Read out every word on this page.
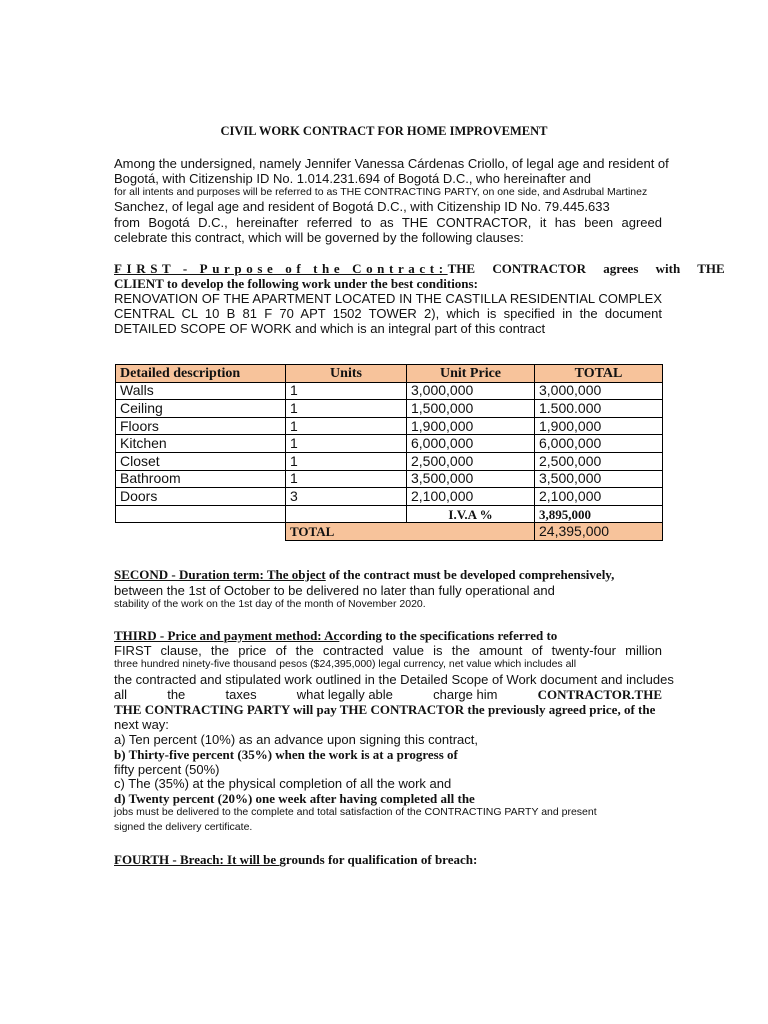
CIVIL WORK CONTRACT FOR HOME IMPROVEMENT
Among the undersigned, namely Jennifer Vanessa Cárdenas Criollo, of legal age and resident of
Bogotá, with Citizenship ID No. 1.014.231.694 of Bogotá D.C., who hereinafter and
for all intents and purposes will be referred to as THE CONTRACTING PARTY, on one side, and Asdrubal Martinez
Sanchez, of legal age and resident of Bogotá D.C., with Citizenship ID No. 79.445.633
from Bogotá D.C., hereinafter referred to as THE CONTRACTOR, it has been agreed
celebrate this contract, which will be governed by the following clauses:
FIRST - Purpose of the Contract: THE CONTRACTOR agrees with THE
CLIENT to develop the following work under the best conditions:
RENOVATION OF THE APARTMENT LOCATED IN THE CASTILLA RESIDENTIAL COMPLEX
CENTRAL CL 10 B 81 F 70 APT 1502 TOWER 2), which is specified in the document
DETAILED SCOPE OF WORK and which is an integral part of this contract
Detailed description	Units	Unit Price	TOTAL
Walls	1	3,000,000	3,000,000
Ceiling	1	1,500,000	1.500.000
Floors	1	1,900,000	1,900,000
Kitchen	1	6,000,000	6,000,000
Closet	1	2,500,000	2,500,000
Bathroom	1	3,500,000	3,500,000
Doors	3	2,100,000	2,100,000
		I.V.A %	3,895,000
	TOTAL		24,395,000
SECOND - Duration term: The object of the contract must be developed comprehensively,
between the 1st of October to be delivered no later than fully operational and
stability of the work on the 1st day of the month of November 2020.
THIRD - Price and payment method: According to the specifications referred to
FIRST clause, the price of the contracted value is the amount of twenty-four million
three hundred ninety-five thousand pesos ($24,395,000) legal currency, net value which includes all
the contracted and stipulated work outlined in the Detailed Scope of Work document and includes
all	the	taxes	what legally able	charge him	CONTRACTOR.THE
THE CONTRACTING PARTY will pay THE CONTRACTOR the previously agreed price, of the
next way:
a) Ten percent (10%) as an advance upon signing this contract,
b) Thirty-five percent (35%) when the work is at a progress of
fifty percent (50%)
c) The (35%) at the physical completion of all the work and
d) Twenty percent (20%) one week after having completed all the
jobs must be delivered to the complete and total satisfaction of the CONTRACTING PARTY and present
signed the delivery certificate.
FOURTH - Breach: It will be grounds for qualification of breach:
